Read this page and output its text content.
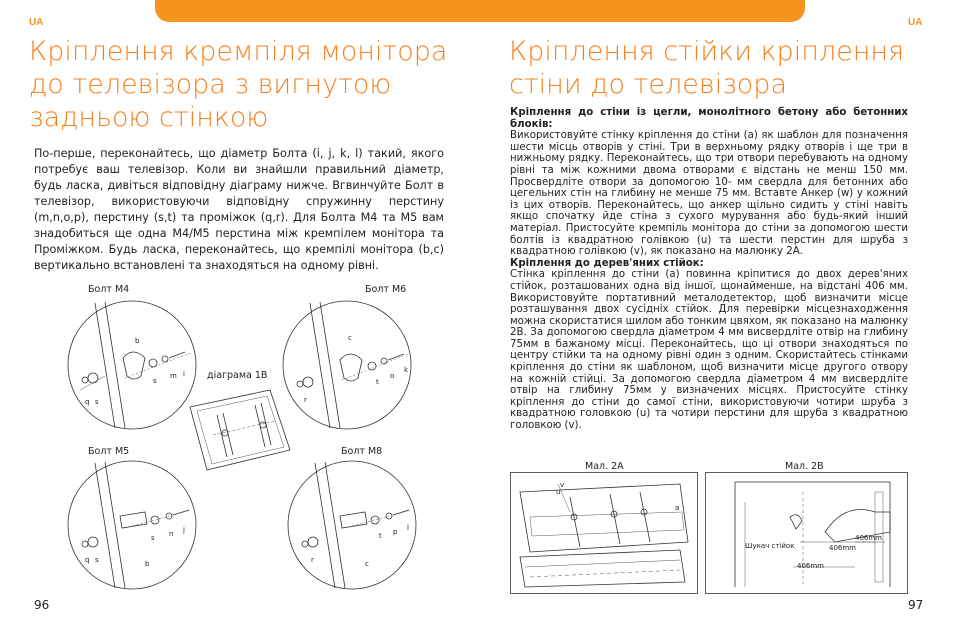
UA	UA
Кріплення кремпіля монітора до телевізора з вигнутою задньою стінкою

По-перше, переконайтесь, що діаметр Болта (i, j, k, l) такий, якого потребує ваш телевізор. Коли ви знайшли правильний діаметр, будь ласка, дивіться відповідну діаграму нижче. Вгвинчуйте Болт в телевізор, використовуючи відповідну спружинну перстину (m,n,o,p), перстину (s,t) та проміжок (q,r). Для Болта M4 та M5 вам знадобиться ще одна M4/M5 перстина між кремпілем монітора та Проміжком. Будь ласка, переконайтесь, що кремпілі монітора (b,c) вертикально встановлені та знаходяться на одному рівні.

Болт M4	Болт M6
діаграма 1В
Болт M5	Болт M8
b
s
m i
q s
c
t
o
k
r
s n j
q s	b
t p l
r	c
96
Кріплення стійки кріплення стіни до телевізора

Кріплення до стіни із цегли, монолітного бетону або бетонних блоків:

Використовуйте стінку кріплення до стіни (а) як шаблон для позначення шести місць отворів у стіні. Три в верхньому рядку отворів і ще три в нижньому рядку. Переконайтесь, що три отвори перебувають на одному рівні та між кожними двома отворами є відстань не менш 150 мм. Просвердліте отвори за допомогою 10- мм свердла для бетонних або цегельних стін на глибину не менше 75 мм. Вставте Анкер (w) у кожний із цих отворів. Переконайтесь, що анкер щільно сидить у стіні навіть якщо спочатку йде стіна з сухого мурування або будь-який інший матеріал. Пристосуйте кремпіль монітора до стіни за допомогою шести болтів із квадратною голівкою (u) та шести перстин для шруба з квадратною голівкою (v), як показано на малюнку 2А.

Кріплення до дерев'яних стійок:

Стінка кріплення до стіни (а) повинна кріпитися до двох дерев'яних стійок, розташованих одна від іншої, щонайменше, на відстані 406 мм. Використовуйте портативний металодетектор, щоб визначити місце розташування двох сусідніх стійок. Для перевірки місцезнаходження можна скористатися шилом або тонким цвяхом, як показано на малюнку 2В. За допомогою свердла діаметром 4 мм висвердліте отвір на глибину 75мм в бажаному місці. Переконайтесь, що ці отвори знаходяться по центру стійки та на одному рівні один з одним. Скористайтесь стінками кріплення до стіни як шаблоном, щоб визначити місце другого отвору на кожній стійці. За допомогою свердла діаметром 4 мм висвердліте отвір на глибину 75мм у визначених місцях. Пристосуйте стінку кріплення до стіни до самої стіни, використовуючи чотири шруба з квадратною головкою (u) та чотири перстини для шруба з квадратною головкою (v).

Мал. 2А	Мал. 2В
v
u
a
Шукач стійок	406mm
406mm
406mm
97
